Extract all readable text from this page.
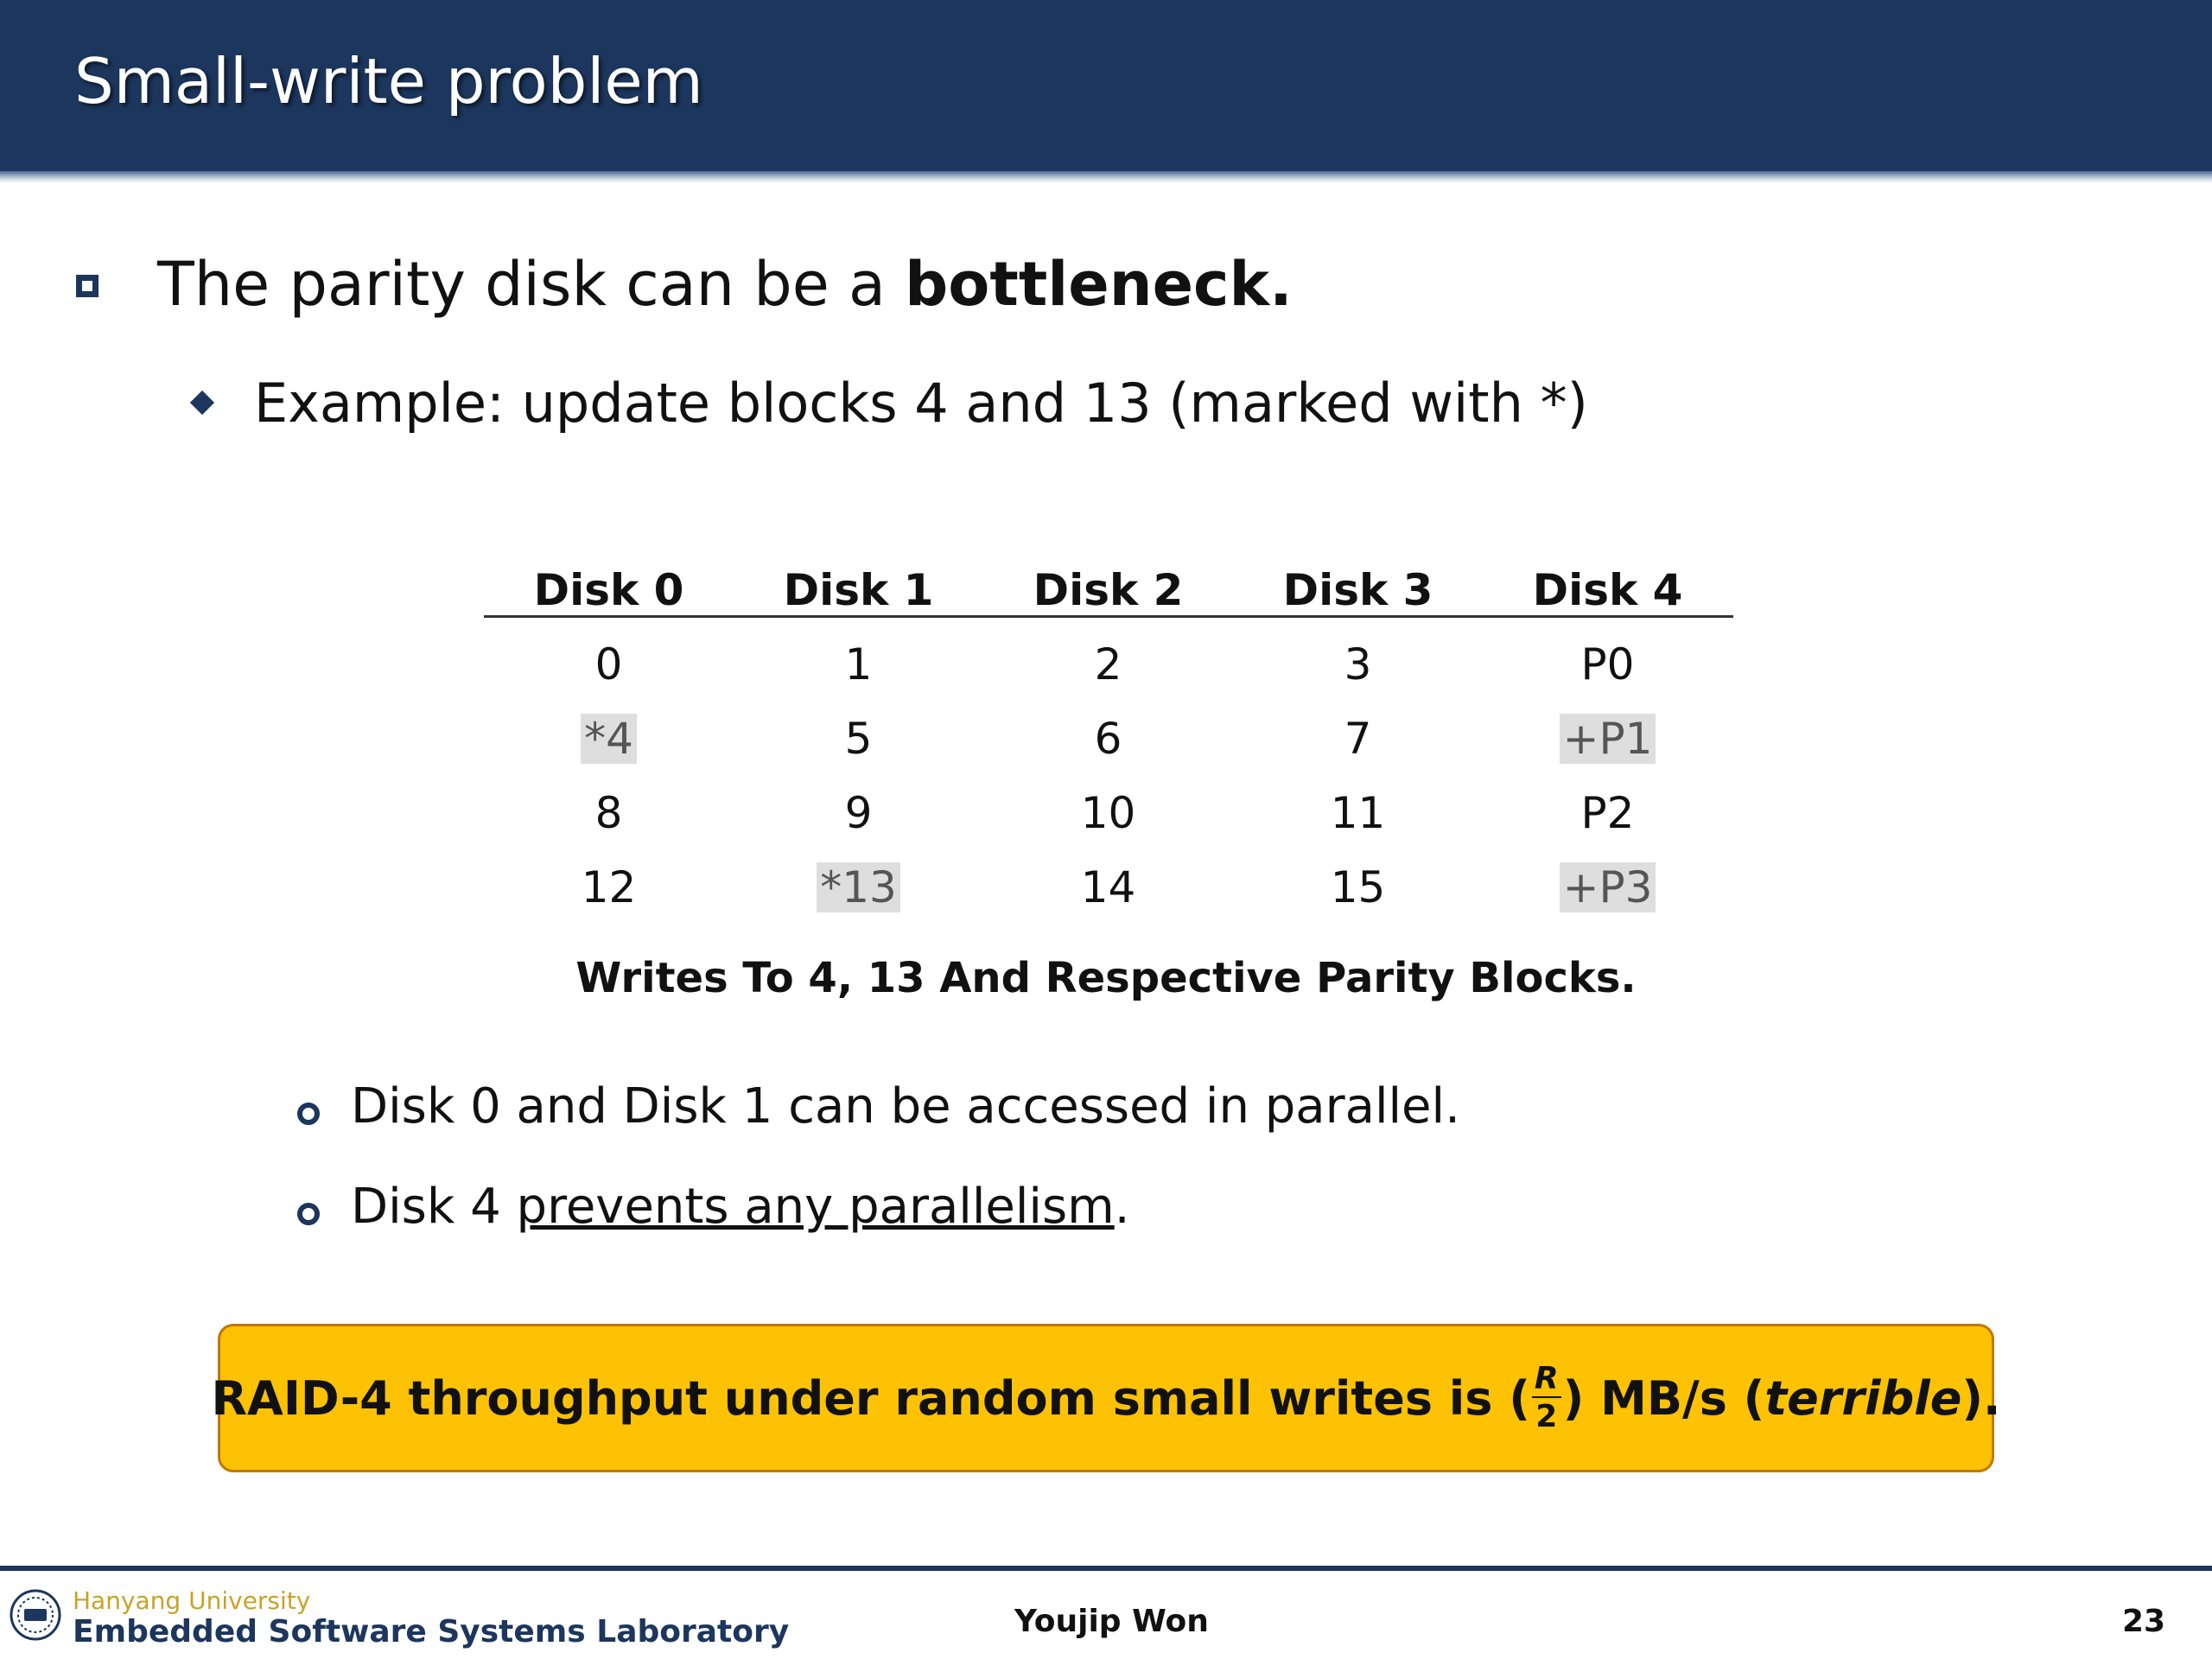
Small-write problem
The parity disk can be a bottleneck.
Example: update blocks 4 and 13 (marked with *)
Disk 0	Disk 1	Disk 2	Disk 3	Disk 4
0	1	2	3	P0
*4	5	6	7	+P1
8	9	10	11	P2
12	*13	14	15	+P3
Writes To 4, 13 And Respective Parity Blocks.
Disk 0 and Disk 1 can be accessed in parallel.
Disk 4 prevents any parallelism.
RAID-4 throughput under random small writes is ( $\frac{R}{2}$ ) MB/s ( terrible ).
Hanyang University
Embedded Software Systems Laboratory	Youjip Won	23
